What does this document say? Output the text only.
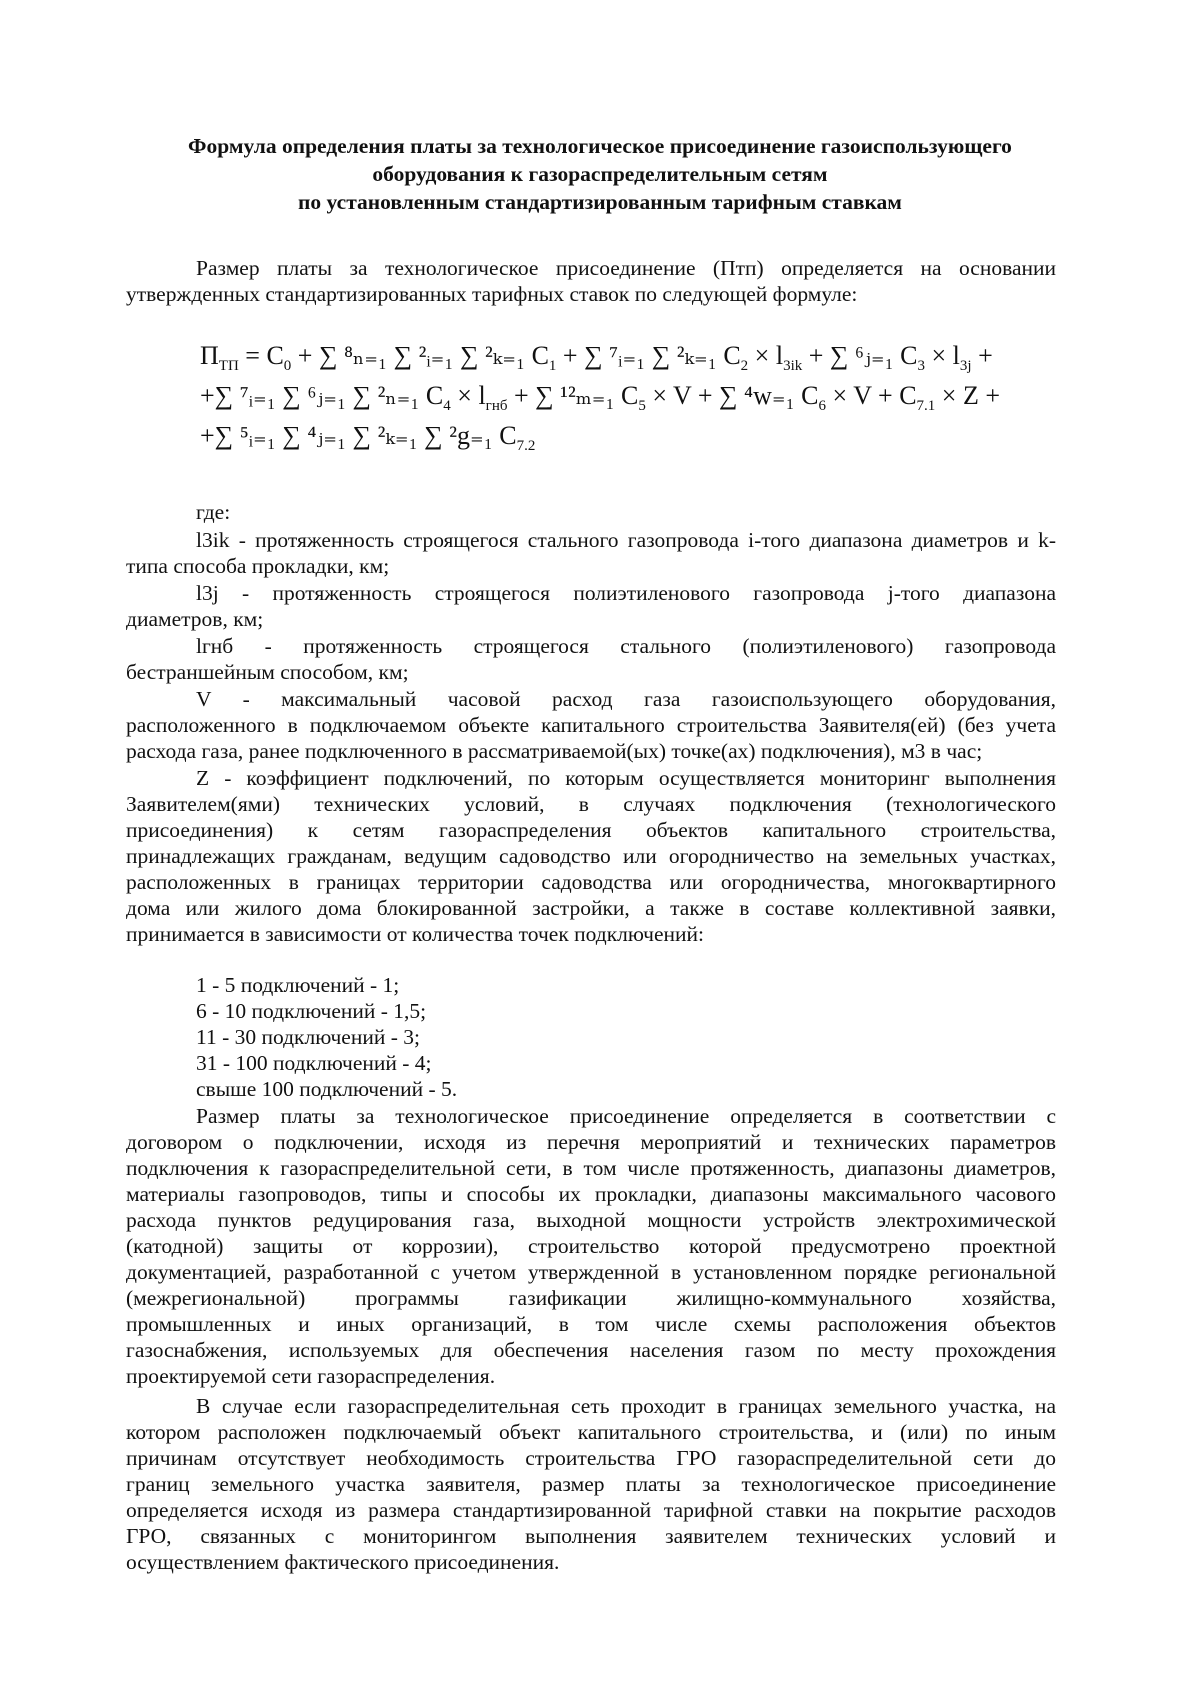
Формула определения платы за технологическое присоединение газоиспользующего
оборудования к газораспределительным сетям
по установленным стандартизированным тарифным ставкам
Размер платы за технологическое присоединение (Птп) определяется на основании
утвержденных стандартизированных тарифных ставок по следующей формуле:
$П_{ТП} = C_0$ + ∑ ⁸ₙ₌₁ ∑ ²ᵢ₌₁ ∑ ²ₖ₌₁ $C_1$ + ∑ ⁷ᵢ₌₁ ∑ ²ₖ₌₁ $C_2 \times l_{3ik}$ + ∑ ⁶ⱼ₌₁ $C_3 \times l_{3j}$ +
+∑ ⁷ᵢ₌₁ ∑ ⁶ⱼ₌₁ ∑ ²ₙ₌₁ $C_4 \times l_{гнб}$ + ∑ ¹²ₘ₌₁ $C_5 \times V$ + ∑ ⁴w₌₁ $C_6 \times V + C_{7.1} \times Z$ +
+∑ ⁵ᵢ₌₁ ∑ ⁴ⱼ₌₁ ∑ ²ₖ₌₁ ∑ ²g₌₁ $C_{7.2}$
где:

l3ik - протяженность строящегося стального газопровода i-того диапазона диаметров и k-

типа способа прокладки, км;

l3j - протяженность строящегося полиэтиленового газопровода j-того диапазона

диаметров, км;

lгнб - протяженность строящегося стального (полиэтиленового) газопровода

бестраншейным способом, км;

V - максимальный часовой расход газа газоиспользующего оборудования,

расположенного в подключаемом объекте капитального строительства Заявителя(ей) (без учета

расхода газа, ранее подключенного в рассматриваемой(ых) точке(ах) подключения), м3 в час;

Z - коэффициент подключений, по которым осуществляется мониторинг выполнения

Заявителем(ями) технических условий, в случаях подключения (технологического

присоединения) к сетям газораспределения объектов капитального строительства,

принадлежащих гражданам, ведущим садоводство или огородничество на земельных участках,

расположенных в границах территории садоводства или огородничества, многоквартирного

дома или жилого дома блокированной застройки, а также в составе коллективной заявки,

принимается в зависимости от количества точек подключений:

1 - 5 подключений - 1;
6 - 10 подключений - 1,5;
11 - 30 подключений - 3;
31 - 100 подключений - 4;
свыше 100 подключений - 5.

Размер платы за технологическое присоединение определяется в соответствии с

договором о подключении, исходя из перечня мероприятий и технических параметров

подключения к газораспределительной сети, в том числе протяженность, диапазоны диаметров,

материалы газопроводов, типы и способы их прокладки, диапазоны максимального часового

расхода пунктов редуцирования газа, выходной мощности устройств электрохимической

(катодной) защиты от коррозии), строительство которой предусмотрено проектной

документацией, разработанной с учетом утвержденной в установленном порядке региональной

(межрегиональной) программы газификации жилищно-коммунального хозяйства,

промышленных и иных организаций, в том числе схемы расположения объектов

газоснабжения, используемых для обеспечения населения газом по месту прохождения

проектируемой сети газораспределения.

В случае если газораспределительная сеть проходит в границах земельного участка, на

котором расположен подключаемый объект капитального строительства, и (или) по иным

причинам отсутствует необходимость строительства ГРО газораспределительной сети до

границ земельного участка заявителя, размер платы за технологическое присоединение

определяется исходя из размера стандартизированной тарифной ставки на покрытие расходов

ГРО, связанных с мониторингом выполнения заявителем технических условий и

осуществлением фактического присоединения.
